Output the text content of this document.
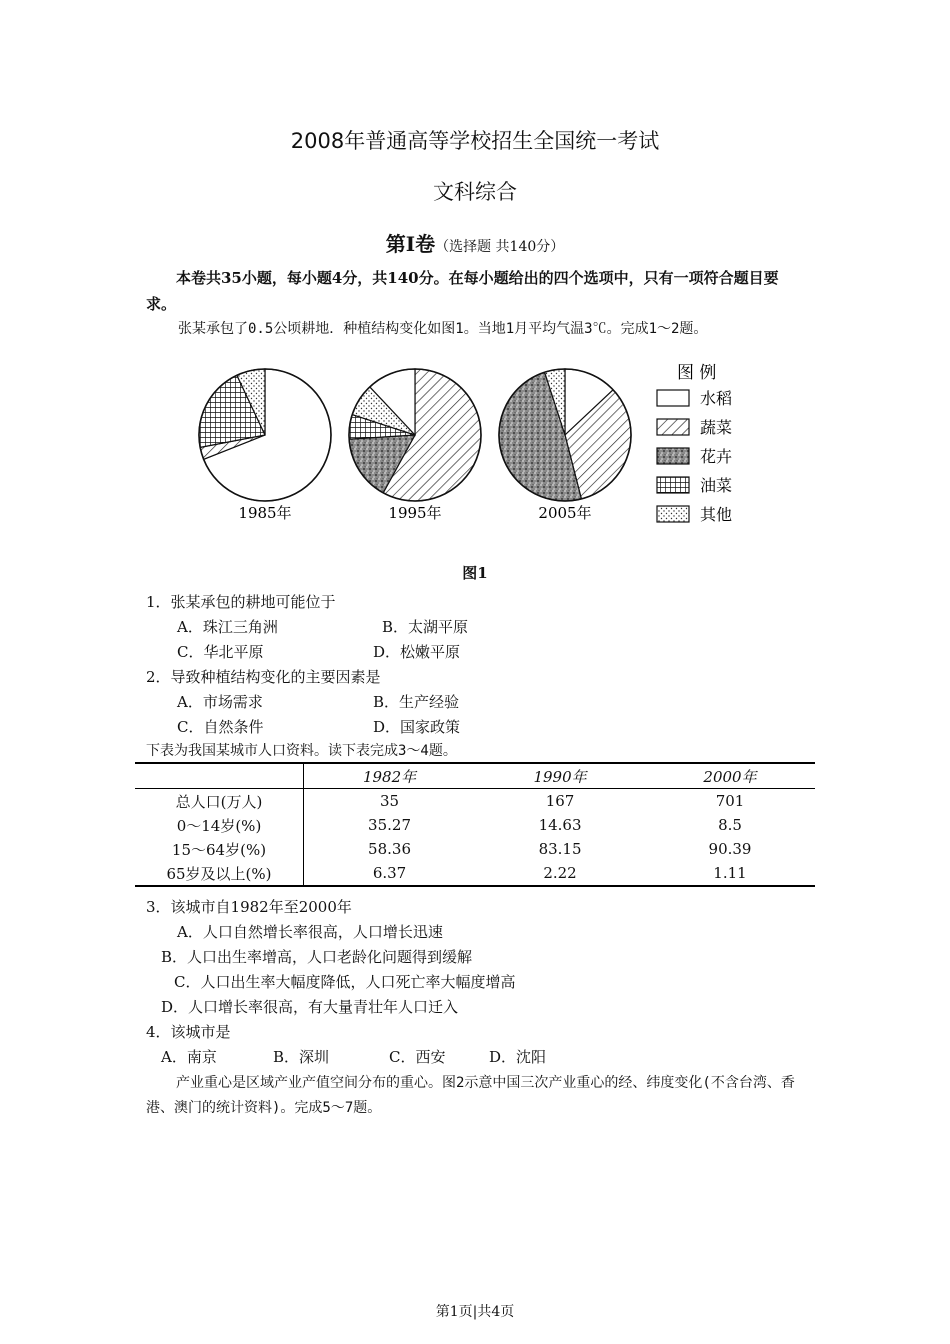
2008年普通高等学校招生全国统一考试
文科综合
第I卷（选择题 共140分）
本卷共35小题，每小题4分，共140分。在每小题给出的四个选项中，只有一项符合题目要求。
张某承包了0.5公顷耕地．种植结构变化如图1。当地1月平均气温3℃。完成1～2题。
1985年	1995年	2005年
图 例
水稻
蔬菜
花卉
油菜
其他
图1
1．张某承包的耕地可能位于
A．珠江三角洲	B．太湖平原
C．华北平原	D．松嫩平原
2．导致种植结构变化的主要因素是
A．市场需求	B．生产经验
C．自然条件	D．国家政策
下表为我国某城市人口资料。读下表完成3～4题。
	1982年	1990年	2000年
总人口(万人)	35	167	701
0～14岁(%)	35.27	14.63	8.5
15～64岁(%)	58.36	83.15	90.39
65岁及以上(%)	6.37	2.22	1.11
3．该城市自1982年至2000年
A．人口自然增长率很高，人口增长迅速
B．人口出生率增高，人口老龄化问题得到缓解
C．人口出生率大幅度降低，人口死亡率大幅度增高
D．人口增长率很高，有大量青壮年人口迁入
4．该城市是
A．南京	B．深圳	C．西安	D．沈阳
产业重心是区域产业产值空间分布的重心。图2示意中国三次产业重心的经、纬度变化(不含台湾、香港、澳门的统计资料)。完成5～7题。
第1页|共4页
